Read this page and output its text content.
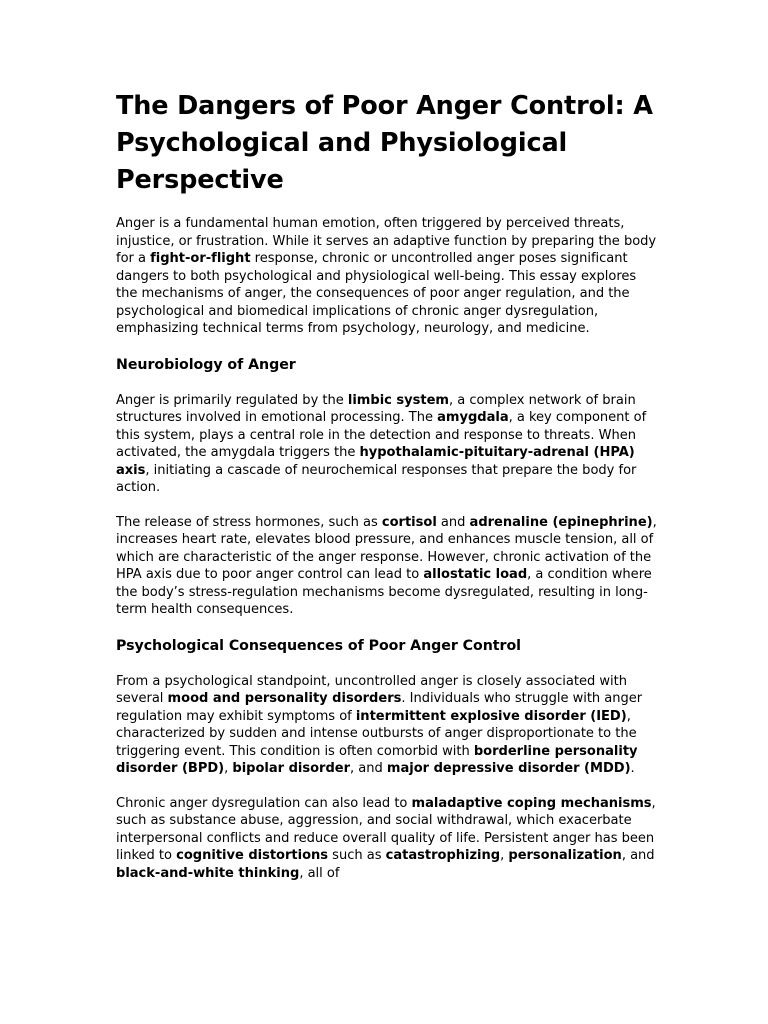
The Dangers of Poor Anger Control: A Psychological and Physiological Perspective

Anger is a fundamental human emotion, often triggered by perceived threats, injustice, or frustration. While it serves an adaptive function by preparing the body for a fight-or-flight response, chronic or uncontrolled anger poses significant dangers to both psychological and physiological well-being. This essay explores the mechanisms of anger, the consequences of poor anger regulation, and the psychological and biomedical implications of chronic anger dysregulation, emphasizing technical terms from psychology, neurology, and medicine.

Neurobiology of Anger

Anger is primarily regulated by the limbic system, a complex network of brain structures involved in emotional processing. The amygdala, a key component of this system, plays a central role in the detection and response to threats. When activated, the amygdala triggers the hypothalamic-pituitary-adrenal (HPA) axis, initiating a cascade of neurochemical responses that prepare the body for action.

The release of stress hormones, such as cortisol and adrenaline (epinephrine), increases heart rate, elevates blood pressure, and enhances muscle tension, all of which are characteristic of the anger response. However, chronic activation of the HPA axis due to poor anger control can lead to allostatic load, a condition where the body’s stress-regulation mechanisms become dysregulated, resulting in long-term health consequences.

Psychological Consequences of Poor Anger Control

From a psychological standpoint, uncontrolled anger is closely associated with several mood and personality disorders. Individuals who struggle with anger regulation may exhibit symptoms of intermittent explosive disorder (IED), characterized by sudden and intense outbursts of anger disproportionate to the triggering event. This condition is often comorbid with borderline personality disorder (BPD), bipolar disorder, and major depressive disorder (MDD).

Chronic anger dysregulation can also lead to maladaptive coping mechanisms, such as substance abuse, aggression, and social withdrawal, which exacerbate interpersonal conflicts and reduce overall quality of life. Persistent anger has been linked to cognitive distortions such as catastrophizing, personalization, and black-and-white thinking, all of
